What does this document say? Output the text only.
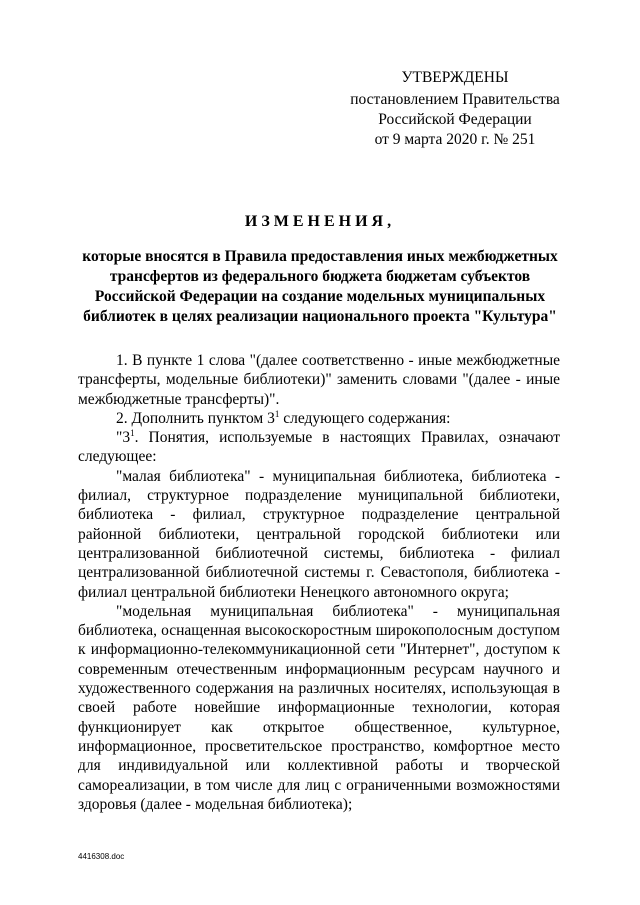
УТВЕРЖДЕНЫ
постановлением Правительства
Российской Федерации
от 9 марта 2020 г. № 251
ИЗМЕНЕНИЯ,
которые вносятся в Правила предоставления иных межбюджетных
трансфертов из федерального бюджета бюджетам субъектов
Российской Федерации на создание модельных муниципальных
библиотек в целях реализации национального проекта "Культура"

1. В пункте 1 слова "(далее соответственно - иные межбюджетные трансферты, модельные библиотеки)" заменить словами "(далее - иные межбюджетные трансферты)".

2. Дополнить пунктом $3^1$ следующего содержания:

"$3^1$. Понятия, используемые в настоящих Правилах, означают следующее:

"малая библиотека" - муниципальная библиотека, библиотека - филиал, структурное подразделение муниципальной библиотеки, библиотека - филиал, структурное подразделение центральной районной библиотеки, центральной городской библиотеки или централизованной библиотечной системы, библиотека - филиал централизованной библиотечной системы г. Севастополя, библиотека - филиал центральной библиотеки Ненецкого автономного округа;

"модельная муниципальная библиотека" - муниципальная библиотека, оснащенная высокоскоростным широкополосным доступом к информационно-телекоммуникационной сети "Интернет", доступом к современным отечественным информационным ресурсам научного и художественного содержания на различных носителях, использующая в своей работе новейшие информационные технологии, которая функционирует как открытое общественное, культурное, информационное, просветительское пространство, комфортное место для индивидуальной или коллективной работы и творческой самореализации, в том числе для лиц с ограниченными возможностями здоровья (далее - модельная библиотека);

4416308.doc
